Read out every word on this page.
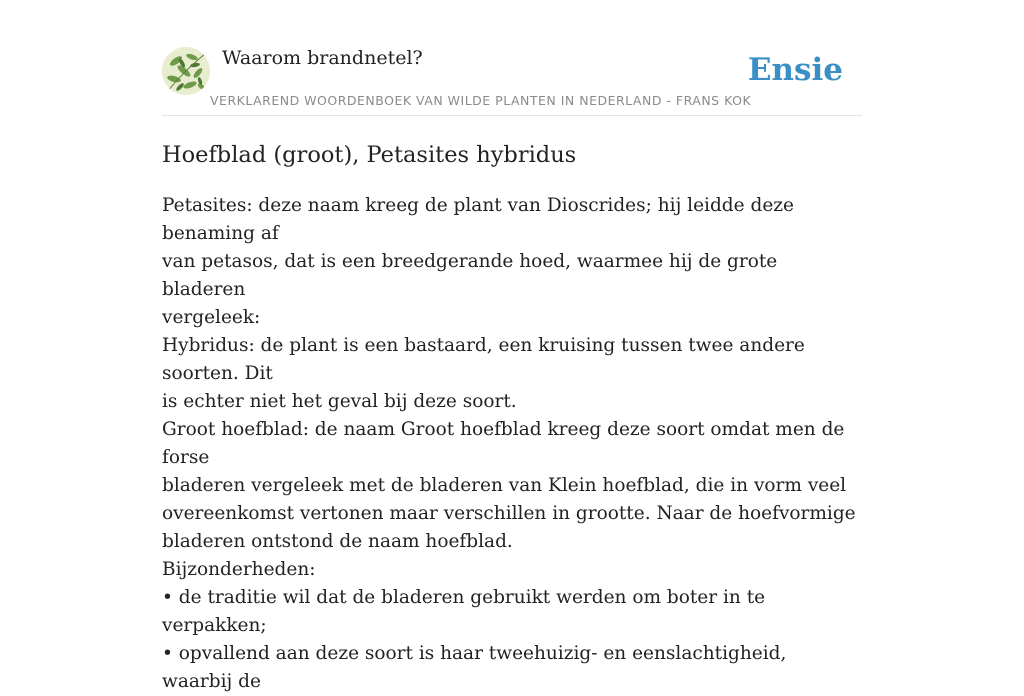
Waarom brandnetel?	Ensie
VERKLAREND WOORDENBOEK VAN WILDE PLANTEN IN NEDERLAND - FRANS KOK
Hoefblad (groot), Petasites hybridus

Petasites: deze naam kreeg de plant van Dioscrides; hij leidde deze benaming af

van petasos, dat is een breedgerande hoed, waarmee hij de grote bladeren

vergeleek:

Hybridus: de plant is een bastaard, een kruising tussen twee andere soorten. Dit

is echter niet het geval bij deze soort.

Groot hoefblad: de naam Groot hoefblad kreeg deze soort omdat men de forse

bladeren vergeleek met de bladeren van Klein hoefblad, die in vorm veel

overeenkomst vertonen maar verschillen in grootte. Naar de hoefvormige

bladeren ontstond de naam hoefblad.

Bijzonderheden:

• de traditie wil dat de bladeren gebruikt werden om boter in te verpakken;

• opvallend aan deze soort is haar tweehuizig- en eenslachtigheid, waarbij de
